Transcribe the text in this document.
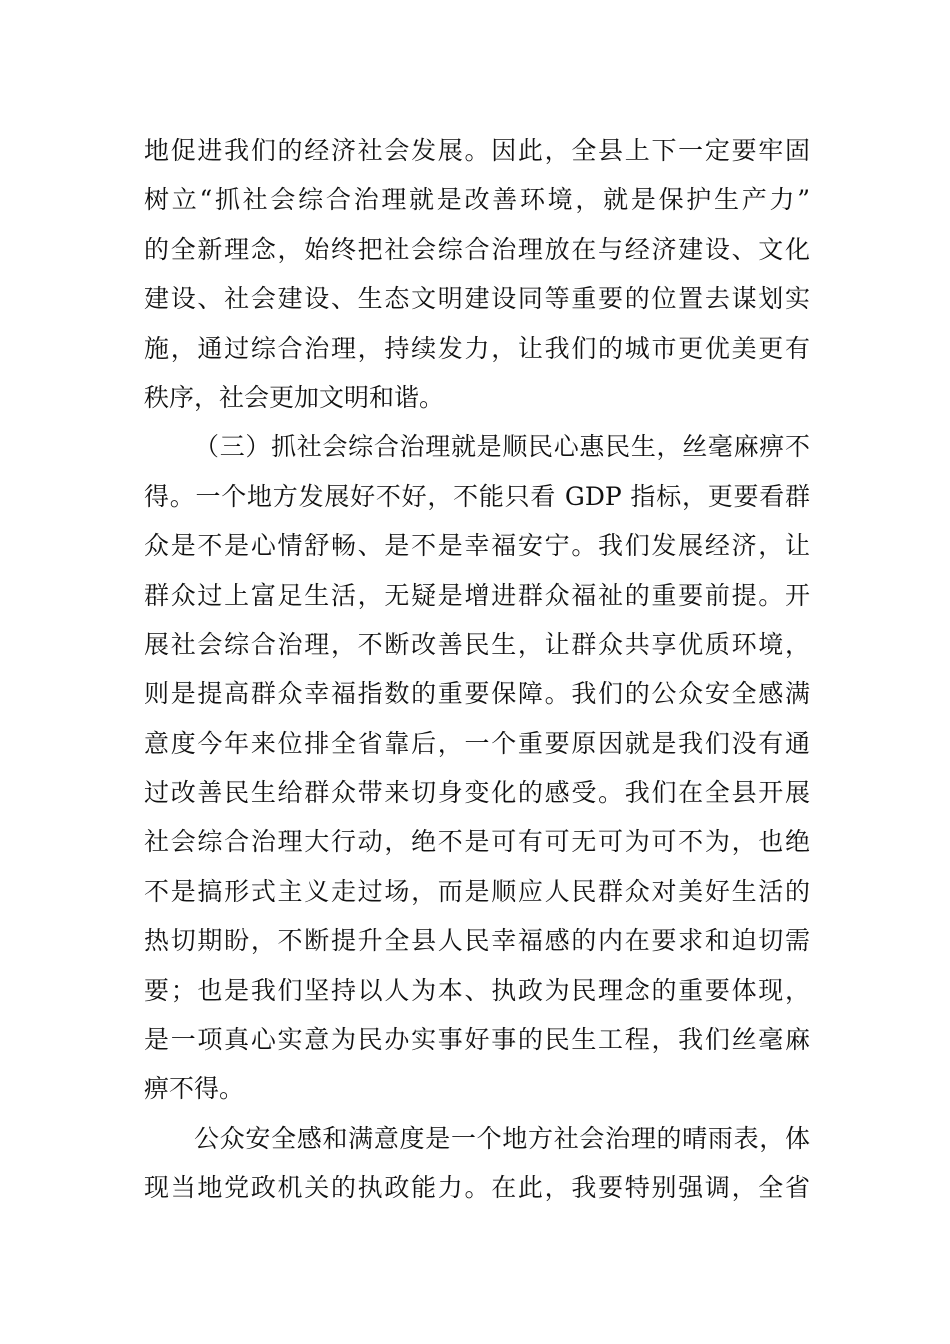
地促进我们的经济社会发展。因此，全县上下一定要牢固
树立“抓社会综合治理就是改善环境，就是保护生产力”
的全新理念，始终把社会综合治理放在与经济建设、文化
建设、社会建设、生态文明建设同等重要的位置去谋划实
施，通过综合治理，持续发力，让我们的城市更优美更有
秩序，社会更加文明和谐。
（三）抓社会综合治理就是顺民心惠民生，丝毫麻痹不
得。一个地方发展好不好，不能只看 GDP 指标，更要看群
众是不是心情舒畅、是不是幸福安宁。我们发展经济，让
群众过上富足生活，无疑是增进群众福祉的重要前提。开
展社会综合治理，不断改善民生，让群众共享优质环境，
则是提高群众幸福指数的重要保障。我们的公众安全感满
意度今年来位排全省靠后，一个重要原因就是我们没有通
过改善民生给群众带来切身变化的感受。我们在全县开展
社会综合治理大行动，绝不是可有可无可为可不为，也绝
不是搞形式主义走过场，而是顺应人民群众对美好生活的
热切期盼，不断提升全县人民幸福感的内在要求和迫切需
要；也是我们坚持以人为本、执政为民理念的重要体现，
是一项真心实意为民办实事好事的民生工程，我们丝毫麻
痹不得。
公众安全感和满意度是一个地方社会治理的晴雨表，体
现当地党政机关的执政能力。在此，我要特别强调，全省
